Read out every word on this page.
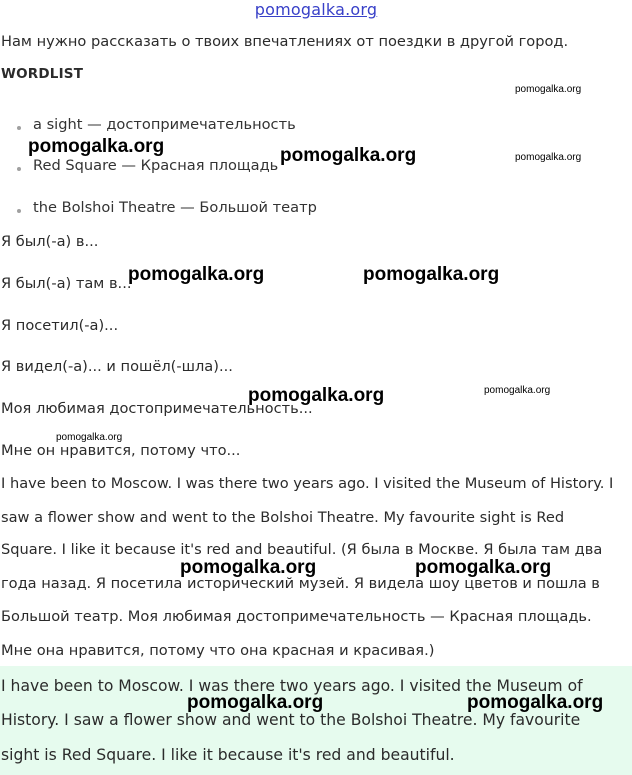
pomogalka.org
Нам нужно рассказать о твоих впечатлениях от поездки в другой город.
WORDLIST
a sight — достопримечательность
Red Square — Красная площадь
the Bolshoi Theatre — Большой театр
Я был(-а) в...
Я был(-а) там в...
Я посетил(-а)...
Я видел(-а)... и пошёл(-шла)...
Моя любимая достопримечательность...
Мне он нравится, потому что...
I have been to Moscow. I was there two years ago. I visited the Museum of History. I
saw a flower show and went to the Bolshoi Theatre. My favourite sight is Red
Square. I like it because it's red and beautiful. (Я была в Москве. Я была там два
года назад. Я посетила исторический музей. Я видела шоу цветов и пошла в
Большой театр. Моя любимая достопримечательность — Красная площадь.
Мне она нравится, потому что она красная и красивая.)
I have been to Moscow. I was there two years ago. I visited the Museum of
History. I saw a flower show and went to the Bolshoi Theatre. My favourite
sight is Red Square. I like it because it's red and beautiful.
pomogalka.org
pomogalka.org	pomogalka.org	pomogalka.org
pomogalka.org	pomogalka.org
pomogalka.org	pomogalka.org
pomogalka.org
pomogalka.org	pomogalka.org
pomogalka.org	pomogalka.org
